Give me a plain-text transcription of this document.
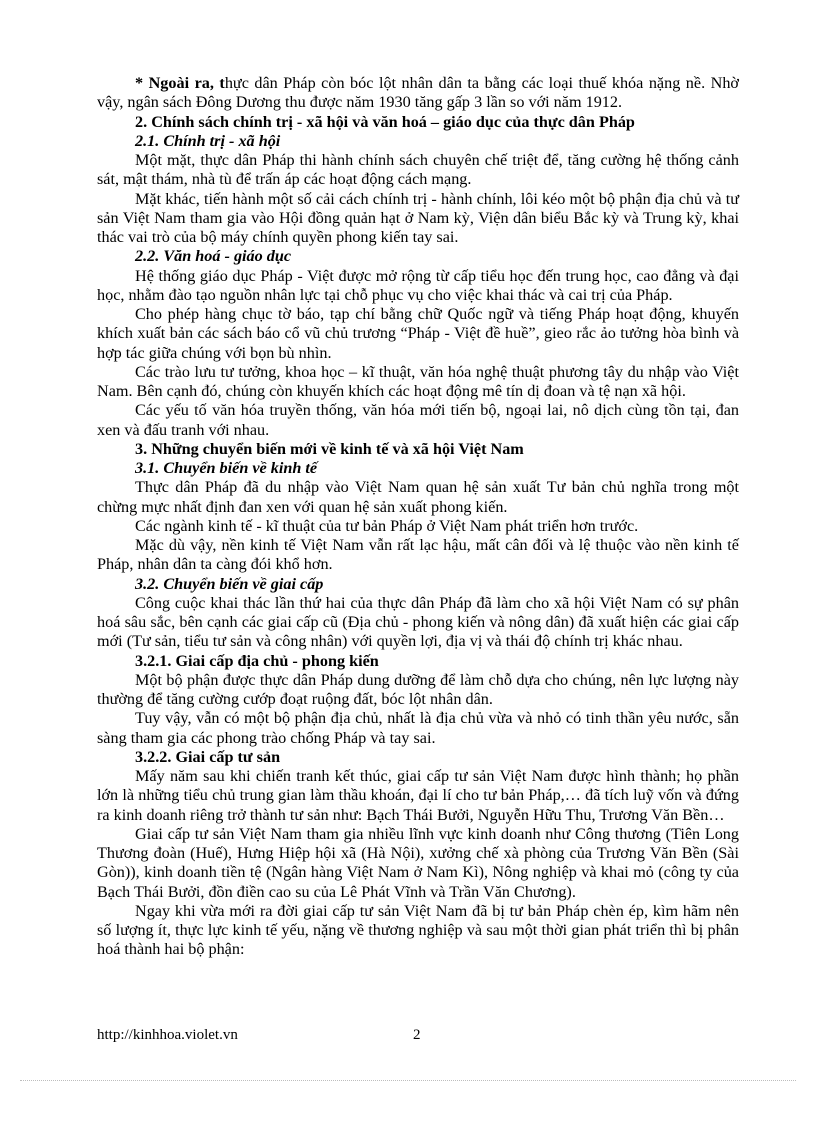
* Ngoài ra, thực dân Pháp còn bóc lột nhân dân ta bằng các loại thuế khóa nặng nề. Nhờ vậy, ngân sách Đông Dương thu được năm 1930 tăng gấp 3 lần so với năm 1912.

2. Chính sách chính trị - xã hội và văn hoá – giáo dục của thực dân Pháp

2.1. Chính trị - xã hội

Một mặt, thực dân Pháp thi hành chính sách chuyên chế triệt để, tăng cường hệ thống cảnh sát, mật thám, nhà tù để trấn áp các hoạt động cách mạng.

Mặt khác, tiến hành một số cải cách chính trị - hành chính, lôi kéo một bộ phận địa chủ và tư sản Việt Nam tham gia vào Hội đồng quản hạt ở Nam kỳ, Viện dân biểu Bắc kỳ và Trung kỳ, khai thác vai trò của bộ máy chính quyền phong kiến tay sai.

2.2. Văn hoá - giáo dục

Hệ thống giáo dục Pháp - Việt được mở rộng từ cấp tiểu học đến trung học, cao đẳng và đại học, nhằm đào tạo nguồn nhân lực tại chỗ phục vụ cho việc khai thác và cai trị của Pháp.

Cho phép hàng chục tờ báo, tạp chí bằng chữ Quốc ngữ và tiếng Pháp hoạt động, khuyến khích xuất bản các sách báo cổ vũ chủ trương “Pháp - Việt đề huề”, gieo rắc ảo tưởng hòa bình và hợp tác giữa chúng với bọn bù nhìn.

Các trào lưu tư tưởng, khoa học – kĩ thuật, văn hóa nghệ thuật phương tây du nhập vào Việt Nam. Bên cạnh đó, chúng còn khuyến khích các hoạt động mê tín dị đoan và tệ nạn xã hội.

Các yếu tố văn hóa truyền thống, văn hóa mới tiến bộ, ngoại lai, nô dịch cùng tồn tại, đan xen và đấu tranh với nhau.

3. Những chuyển biến mới về kinh tế và xã hội Việt Nam

3.1. Chuyển biến về kinh tế

Thực dân Pháp đã du nhập vào Việt Nam quan hệ sản xuất Tư bản chủ nghĩa trong một chừng mực nhất định đan xen với quan hệ sản xuất phong kiến.

Các ngành kinh tế - kĩ thuật của tư bản Pháp ở Việt Nam phát triển hơn trước.

Mặc dù vậy, nền kinh tế Việt Nam vẫn rất lạc hậu, mất cân đối và lệ thuộc vào nền kinh tế Pháp, nhân dân ta càng đói khổ hơn.

3.2. Chuyển biến về giai cấp

Công cuộc khai thác lần thứ hai của thực dân Pháp đã làm cho xã hội Việt Nam có sự phân hoá sâu sắc, bên cạnh các giai cấp cũ (Địa chủ - phong kiến và nông dân) đã xuất hiện các giai cấp mới (Tư sản, tiểu tư sản và công nhân) với quyền lợi, địa vị và thái độ chính trị khác nhau.

3.2.1. Giai cấp địa chủ - phong kiến

Một bộ phận được thực dân Pháp dung dưỡng để làm chỗ dựa cho chúng, nên lực lượng này thường để tăng cường cướp đoạt ruộng đất, bóc lột nhân dân.

Tuy vậy, vẫn có một bộ phận địa chủ, nhất là địa chủ vừa và nhỏ có tinh thần yêu nước, sẵn sàng tham gia các phong trào chống Pháp và tay sai.

3.2.2. Giai cấp tư sản

Mấy năm sau khi chiến tranh kết thúc, giai cấp tư sản Việt Nam được hình thành; họ phần lớn là những tiểu chủ trung gian làm thầu khoán, đại lí cho tư bản Pháp,… đã tích luỹ vốn và đứng ra kinh doanh riêng trở thành tư sản như: Bạch Thái Bưởi, Nguyễn Hữu Thu, Trương Văn Bền…

Giai cấp tư sản Việt Nam tham gia nhiều lĩnh vực kinh doanh như Công thương (Tiên Long Thương đoàn (Huế), Hưng Hiệp hội xã (Hà Nội), xưởng chế xà phòng của Trương Văn Bền (Sài Gòn)), kinh doanh tiền tệ (Ngân hàng Việt Nam ở Nam Kì), Nông nghiệp và khai mỏ (công ty của Bạch Thái Bưởi, đồn điền cao su của Lê Phát Vĩnh và Trần Văn Chương).

Ngay khi vừa mới ra đời giai cấp tư sản Việt Nam đã bị tư bản Pháp chèn ép, kìm hãm nên số lượng ít, thực lực kinh tế yếu, nặng về thương nghiệp và sau một thời gian phát triển thì bị phân hoá thành hai bộ phận:

http://kinhhoa.violet.vn	2
